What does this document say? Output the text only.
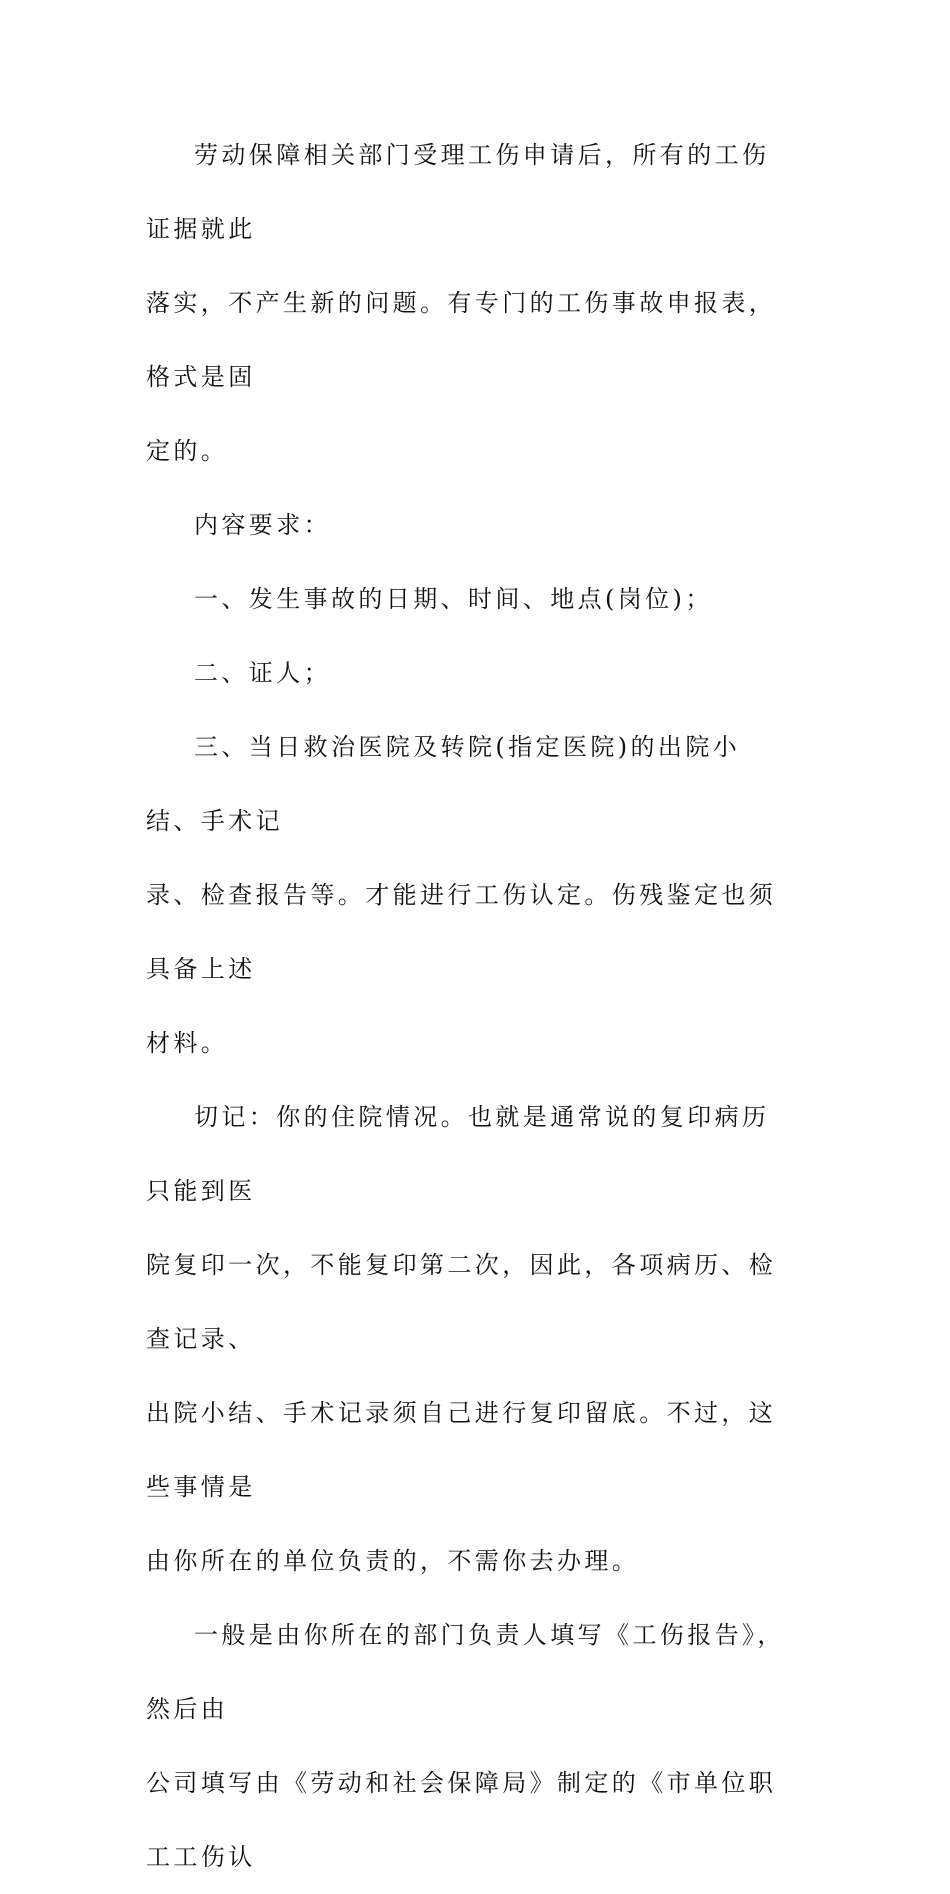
劳动保障相关部门受理工伤申请后，所有的工伤证据就此
落实，不产生新的问题。有专门的工伤事故申报表，格式是固
定的。

内容要求：

一、发生事故的日期、时间、地点(岗位)；

二、证人；

三、当日救治医院及转院(指定医院)的出院小结、手术记
录、检查报告等。才能进行工伤认定。伤残鉴定也须具备上述
材料。

切记：你的住院情况。也就是通常说的复印病历只能到医
院复印一次，不能复印第二次，因此，各项病历、检查记录、
出院小结、手术记录须自己进行复印留底。不过，这些事情是
由你所在的单位负责的，不需你去办理。

一般是由你所在的部门负责人填写《工伤报告》，然后由
公司填写由《劳动和社会保障局》制定的《市单位职工工伤认
